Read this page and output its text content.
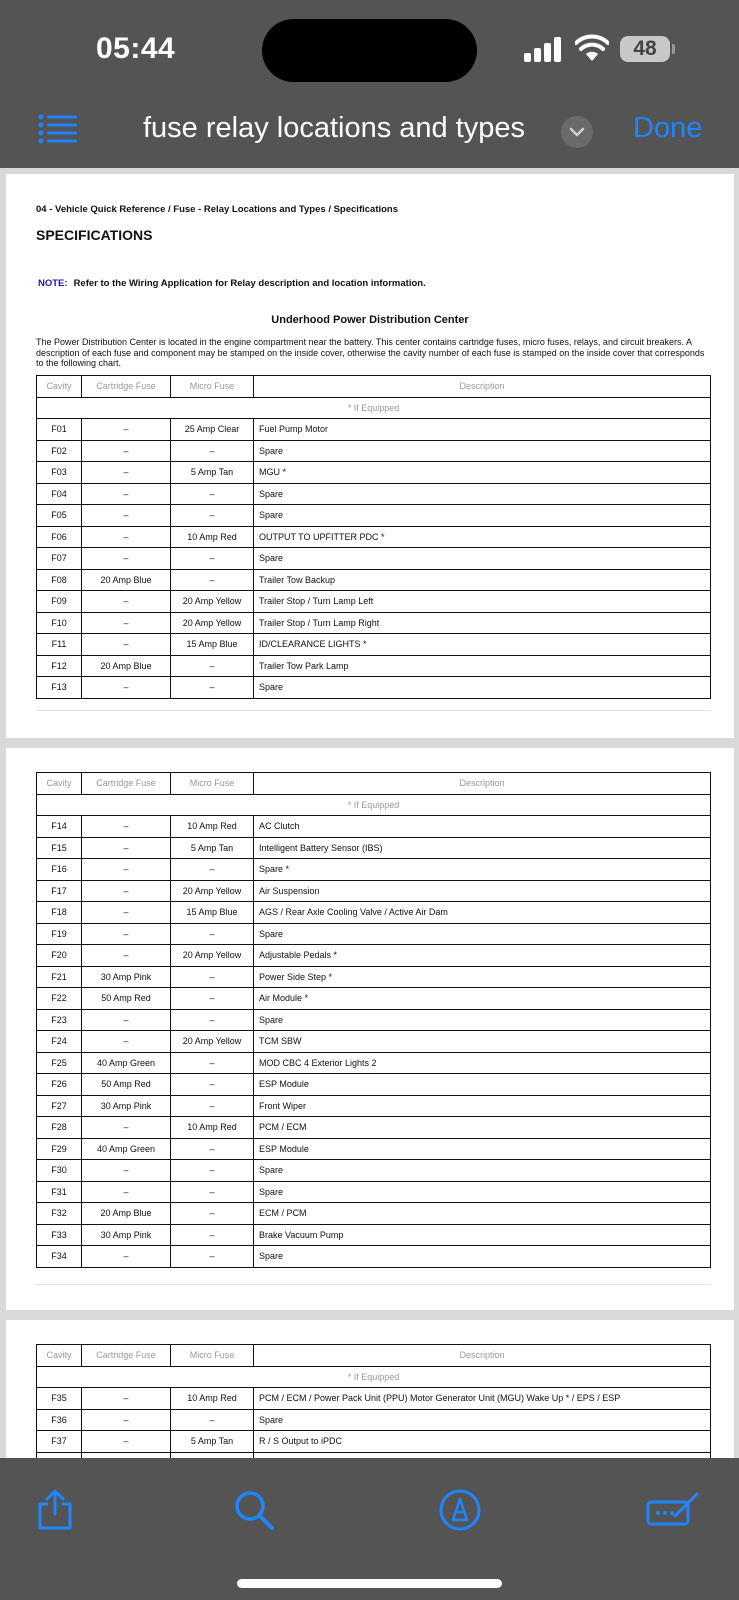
05:44	48
fuse relay locations and types	Done
04 - Vehicle Quick Reference / Fuse - Relay Locations and Types / Specifications
SPECIFICATIONS
NOTE: Refer to the Wiring Application for Relay description and location information.
Underhood Power Distribution Center
The Power Distribution Center is located in the engine compartment near the battery. This center contains cartridge fuses, micro fuses, relays, and circuit breakers. A description of each fuse and component may be stamped on the inside cover, otherwise the cavity number of each fuse is stamped on the inside cover that corresponds to the following chart.
Cavity	Cartridge Fuse	Micro Fuse	Description
* If Equipped			
F01	–	25 Amp Clear	Fuel Pump Motor
F02	–	–	Spare
F03	–	5 Amp Tan	MGU *
F04	–	–	Spare
F05	–	–	Spare
F06	–	10 Amp Red	OUTPUT TO UPFITTER PDC *
F07	–	–	Spare
F08	20 Amp Blue	–	Trailer Tow Backup
F09	–	20 Amp Yellow	Trailer Stop / Turn Lamp Left
F10	–	20 Amp Yellow	Trailer Stop / Turn Lamp Right
F11	–	15 Amp Blue	ID/CLEARANCE LIGHTS *
F12	20 Amp Blue	–	Trailer Tow Park Lamp
F13	–	–	Spare
Cavity	Cartridge Fuse	Micro Fuse	Description
* If Equipped			
F14	–	10 Amp Red	AC Clutch
F15	–	5 Amp Tan	Intelligent Battery Sensor (IBS)
F16	–	–	Spare *
F17	–	20 Amp Yellow	Air Suspension
F18	–	15 Amp Blue	AGS / Rear Axle Cooling Valve / Active Air Dam
F19	–	–	Spare
F20	–	20 Amp Yellow	Adjustable Pedals *
F21	30 Amp Pink	–	Power Side Step *
F22	50 Amp Red	–	Air Module *
F23	–	–	Spare
F24	–	20 Amp Yellow	TCM SBW
F25	40 Amp Green	–	MOD CBC 4 Exterior Lights 2
F26	50 Amp Red	–	ESP Module
F27	30 Amp Pink	–	Front Wiper
F28	–	10 Amp Red	PCM / ECM
F29	40 Amp Green	–	ESP Module
F30	–	–	Spare
F31	–	–	Spare
F32	20 Amp Blue	–	ECM / PCM
F33	30 Amp Pink	–	Brake Vacuum Pump
F34	–	–	Spare
Cavity	Cartridge Fuse	Micro Fuse	Description
* If Equipped			
F35	–	10 Amp Red	PCM / ECM / Power Pack Unit (PPU) Motor Generator Unit (MGU) Wake Up * / EPS / ESP
F36	–	–	Spare
F37	–	5 Amp Tan	R / S Output to iPDC
